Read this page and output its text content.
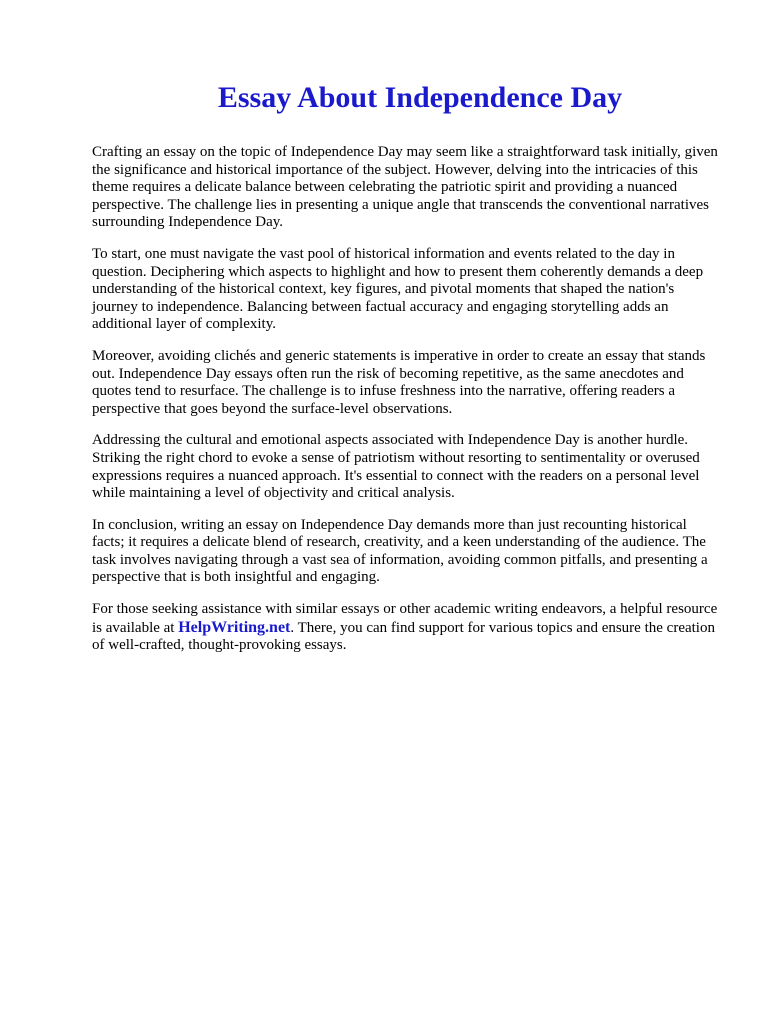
Essay About Independence Day

Crafting an essay on the topic of Independence Day may seem like a straightforward task initially, given the significance and historical importance of the subject. However, delving into the intricacies of this theme requires a delicate balance between celebrating the patriotic spirit and providing a nuanced perspective. The challenge lies in presenting a unique angle that transcends the conventional narratives surrounding Independence Day.

To start, one must navigate the vast pool of historical information and events related to the day in question. Deciphering which aspects to highlight and how to present them coherently demands a deep understanding of the historical context, key figures, and pivotal moments that shaped the nation's journey to independence. Balancing between factual accuracy and engaging storytelling adds an additional layer of complexity.

Moreover, avoiding clichés and generic statements is imperative in order to create an essay that stands out. Independence Day essays often run the risk of becoming repetitive, as the same anecdotes and quotes tend to resurface. The challenge is to infuse freshness into the narrative, offering readers a perspective that goes beyond the surface-level observations.

Addressing the cultural and emotional aspects associated with Independence Day is another hurdle. Striking the right chord to evoke a sense of patriotism without resorting to sentimentality or overused expressions requires a nuanced approach. It's essential to connect with the readers on a personal level while maintaining a level of objectivity and critical analysis.

In conclusion, writing an essay on Independence Day demands more than just recounting historical facts; it requires a delicate blend of research, creativity, and a keen understanding of the audience. The task involves navigating through a vast sea of information, avoiding common pitfalls, and presenting a perspective that is both insightful and engaging.

For those seeking assistance with similar essays or other academic writing endeavors, a helpful resource is available at HelpWriting.net. There, you can find support for various topics and ensure the creation of well-crafted, thought-provoking essays.
